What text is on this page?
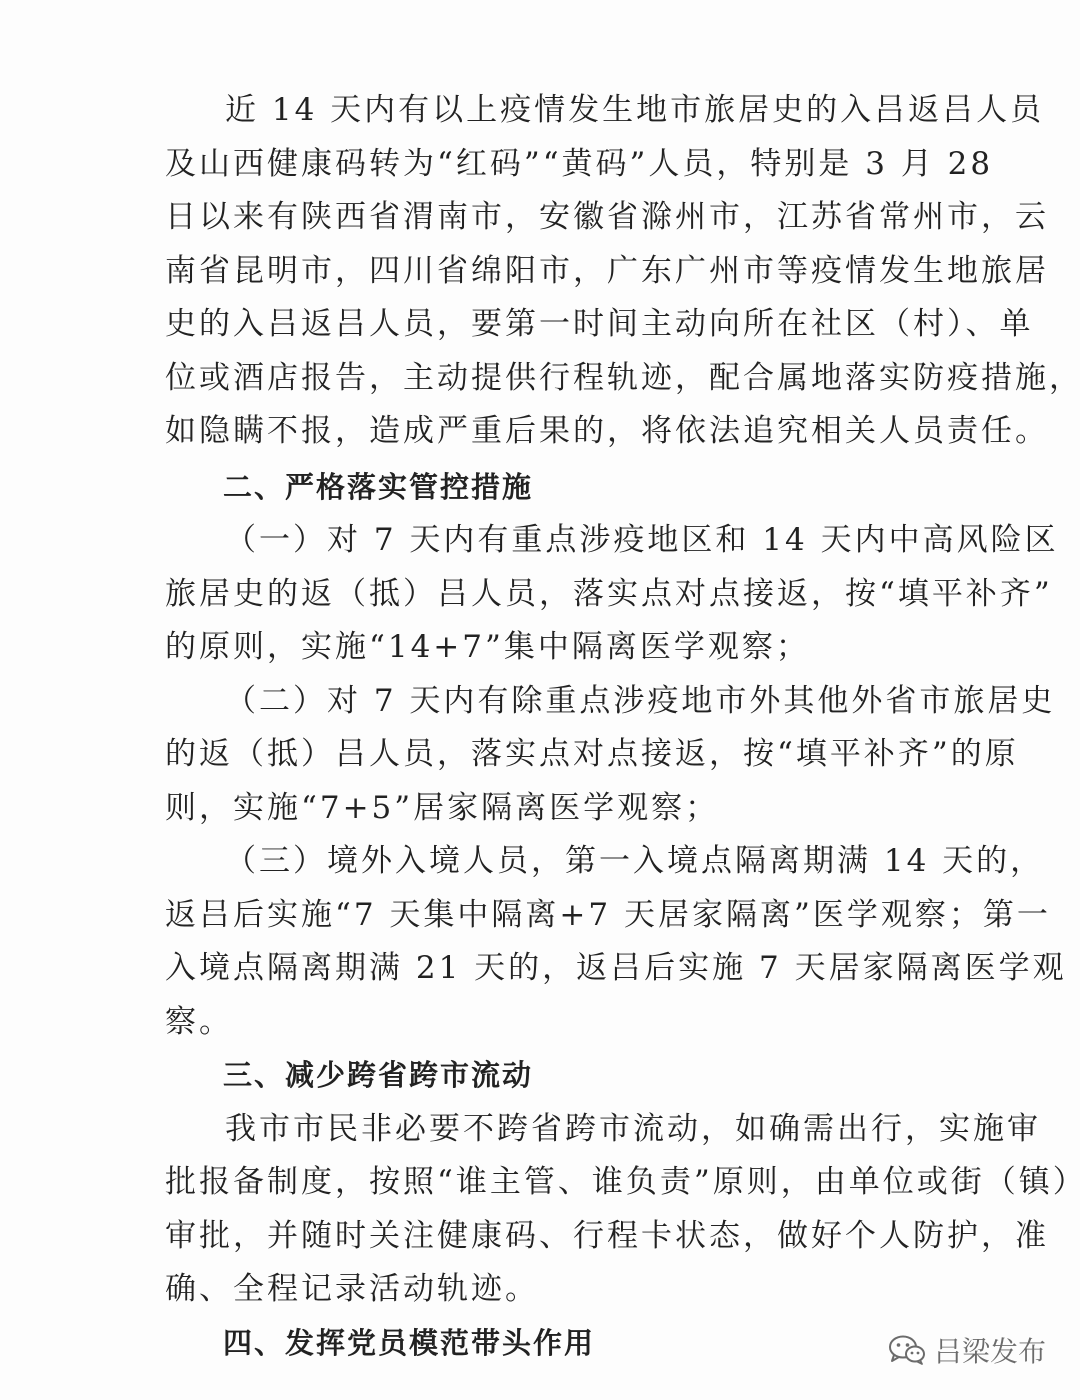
近 14 天内有以上疫情发生地市旅居史的入吕返吕人员
及山西健康码转为“红码”“黄码”人员，特别是 3 月 28
日以来有陕西省渭南市，安徽省滁州市，江苏省常州市，云
南省昆明市，四川省绵阳市，广东广州市等疫情发生地旅居
史的入吕返吕人员，要第一时间主动向所在社区（村）、单
位或酒店报告，主动提供行程轨迹，配合属地落实防疫措施，
如隐瞒不报，造成严重后果的，将依法追究相关人员责任。

二、严格落实管控措施

（一）对 7 天内有重点涉疫地区和 14 天内中高风险区
旅居史的返（抵）吕人员，落实点对点接返，按“填平补齐”
的原则，实施“14+7”集中隔离医学观察；

（二）对 7 天内有除重点涉疫地市外其他外省市旅居史
的返（抵）吕人员，落实点对点接返，按“填平补齐”的原
则，实施“7+5”居家隔离医学观察；

（三）境外入境人员，第一入境点隔离期满 14 天的，
返吕后实施“7 天集中隔离+7 天居家隔离”医学观察；第一
入境点隔离期满 21 天的，返吕后实施 7 天居家隔离医学观
察。

三、减少跨省跨市流动

我市市民非必要不跨省跨市流动，如确需出行，实施审
批报备制度，按照“谁主管、谁负责”原则，由单位或街（镇）
审批，并随时关注健康码、行程卡状态，做好个人防护，准
确、全程记录活动轨迹。

四、发挥党员模范带头作用	吕梁发布
